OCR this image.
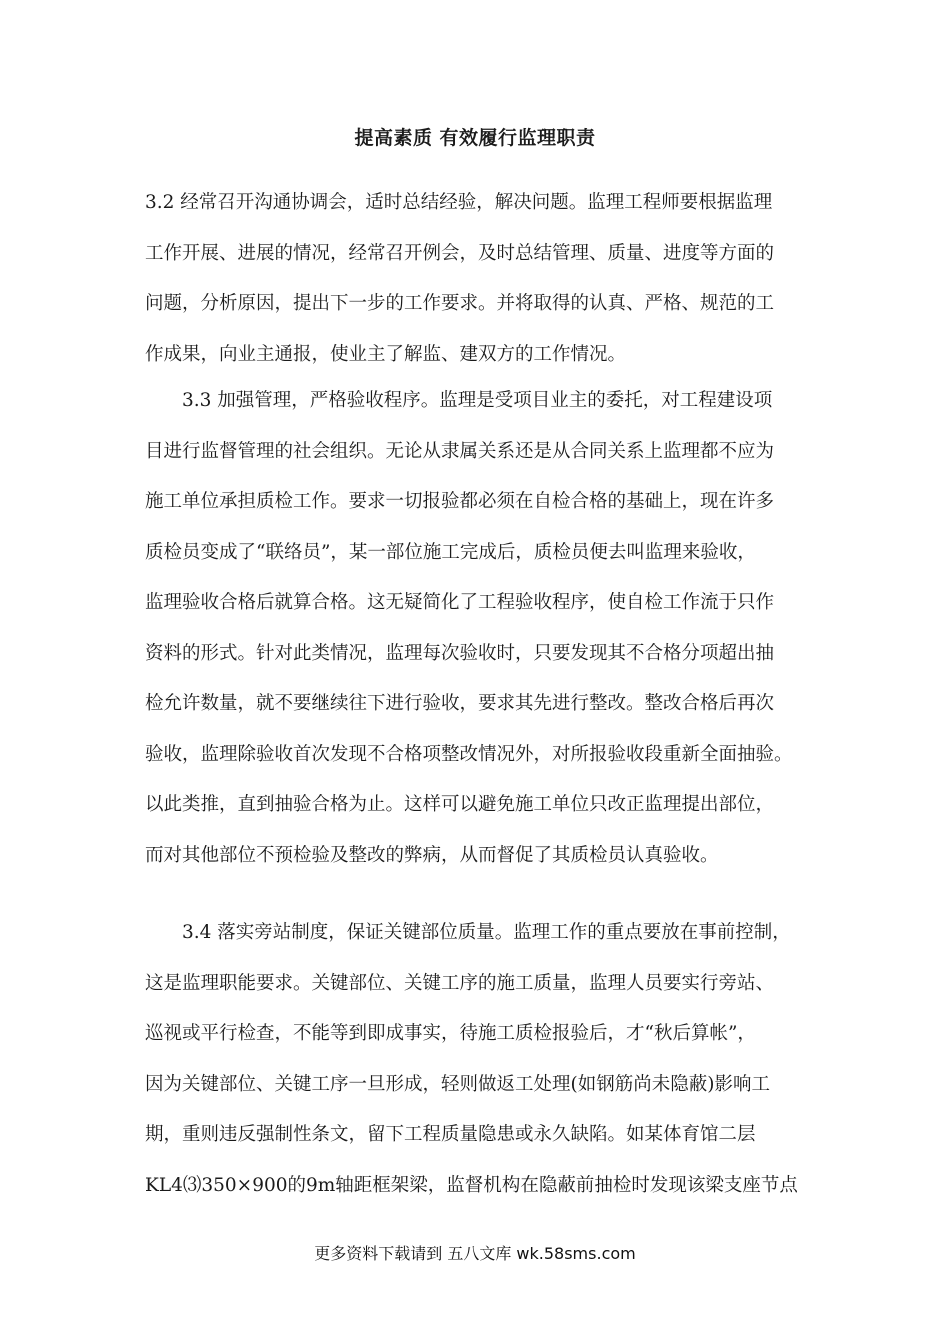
提高素质 有效履行监理职责
3.2 经常召开沟通协调会，适时总结经验，解决问题。监理工程师要根据监理
工作开展、进展的情况，经常召开例会，及时总结管理、质量、进度等方面的
问题，分析原因，提出下一步的工作要求。并将取得的认真、严格、规范的工
作成果，向业主通报，使业主了解监、建双方的工作情况。
3.3 加强管理，严格验收程序。监理是受项目业主的委托，对工程建设项
目进行监督管理的社会组织。无论从隶属关系还是从合同关系上监理都不应为
施工单位承担质检工作。要求一切报验都必须在自检合格的基础上，现在许多
质检员变成了“联络员”，某一部位施工完成后，质检员便去叫监理来验收，
监理验收合格后就算合格。这无疑简化了工程验收程序，使自检工作流于只作
资料的形式。针对此类情况，监理每次验收时，只要发现其不合格分项超出抽
检允许数量，就不要继续往下进行验收，要求其先进行整改。整改合格后再次
验收，监理除验收首次发现不合格项整改情况外，对所报验收段重新全面抽验。
以此类推，直到抽验合格为止。这样可以避免施工单位只改正监理提出部位，
而对其他部位不预检验及整改的弊病，从而督促了其质检员认真验收。
3.4 落实旁站制度，保证关键部位质量。监理工作的重点要放在事前控制，
这是监理职能要求。关键部位、关键工序的施工质量，监理人员要实行旁站、
巡视或平行检查，不能等到即成事实，待施工质检报验后，才“秋后算帐”，
因为关键部位、关键工序一旦形成，轻则做返工处理(如钢筋尚未隐蔽)影响工
期，重则违反强制性条文，留下工程质量隐患或永久缺陷。如某体育馆二层
KL4⑶350×900的9m轴距框架梁，监督机构在隐蔽前抽检时发现该梁支座节点
更多资料下载请到 五八文库 wk.58sms.com
